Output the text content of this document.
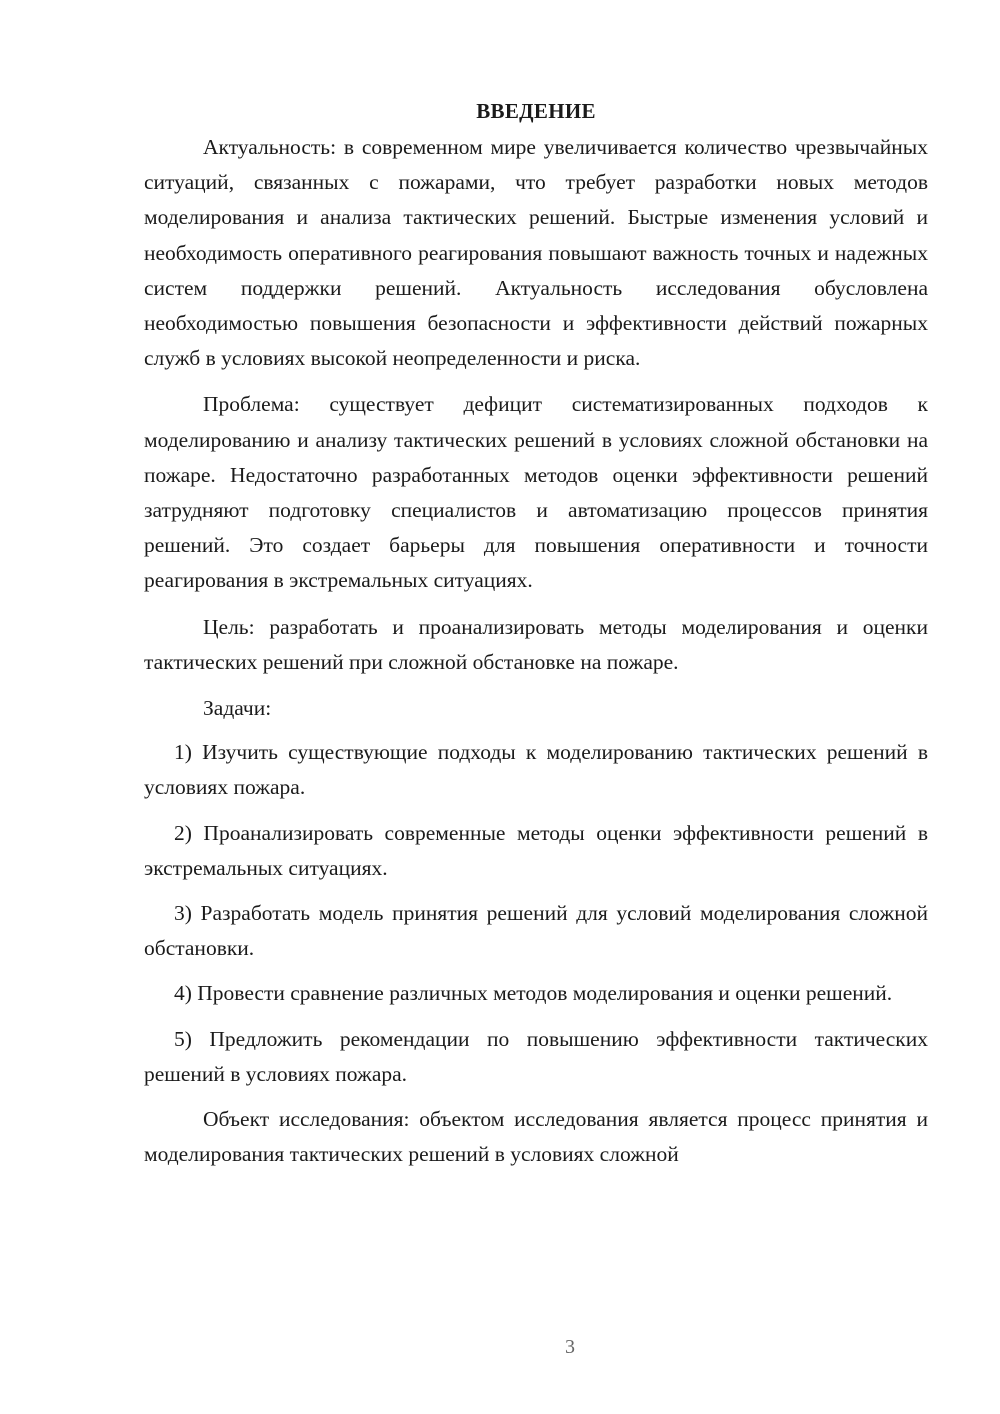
ВВЕДЕНИЕ

Актуальность: в современном мире увеличивается количество чрезвычайных ситуаций, связанных с пожарами, что требует разработки новых методов моделирования и анализа тактических решений. Быстрые изменения условий и необходимость оперативного реагирования повышают важность точных и надежных систем поддержки решений. Актуальность исследования обусловлена необходимостью повышения безопасности и эффективности действий пожарных служб в условиях высокой неопределенности и риска.

Проблема: существует дефицит систематизированных подходов к моделированию и анализу тактических решений в условиях сложной обстановки на пожаре. Недостаточно разработанных методов оценки эффективности решений затрудняют подготовку специалистов и автоматизацию процессов принятия решений. Это создает барьеры для повышения оперативности и точности реагирования в экстремальных ситуациях.

Цель: разработать и проанализировать методы моделирования и оценки тактических решений при сложной обстановке на пожаре.

Задачи:

1) Изучить существующие подходы к моделированию тактических решений в условиях пожара.

2) Проанализировать современные методы оценки эффективности решений в экстремальных ситуациях.

3) Разработать модель принятия решений для условий моделирования сложной обстановки.

4) Провести сравнение различных методов моделирования и оценки решений.

5) Предложить рекомендации по повышению эффективности тактических решений в условиях пожара.

Объект исследования: объектом исследования является процесс принятия и моделирования тактических решений в условиях сложной

3
